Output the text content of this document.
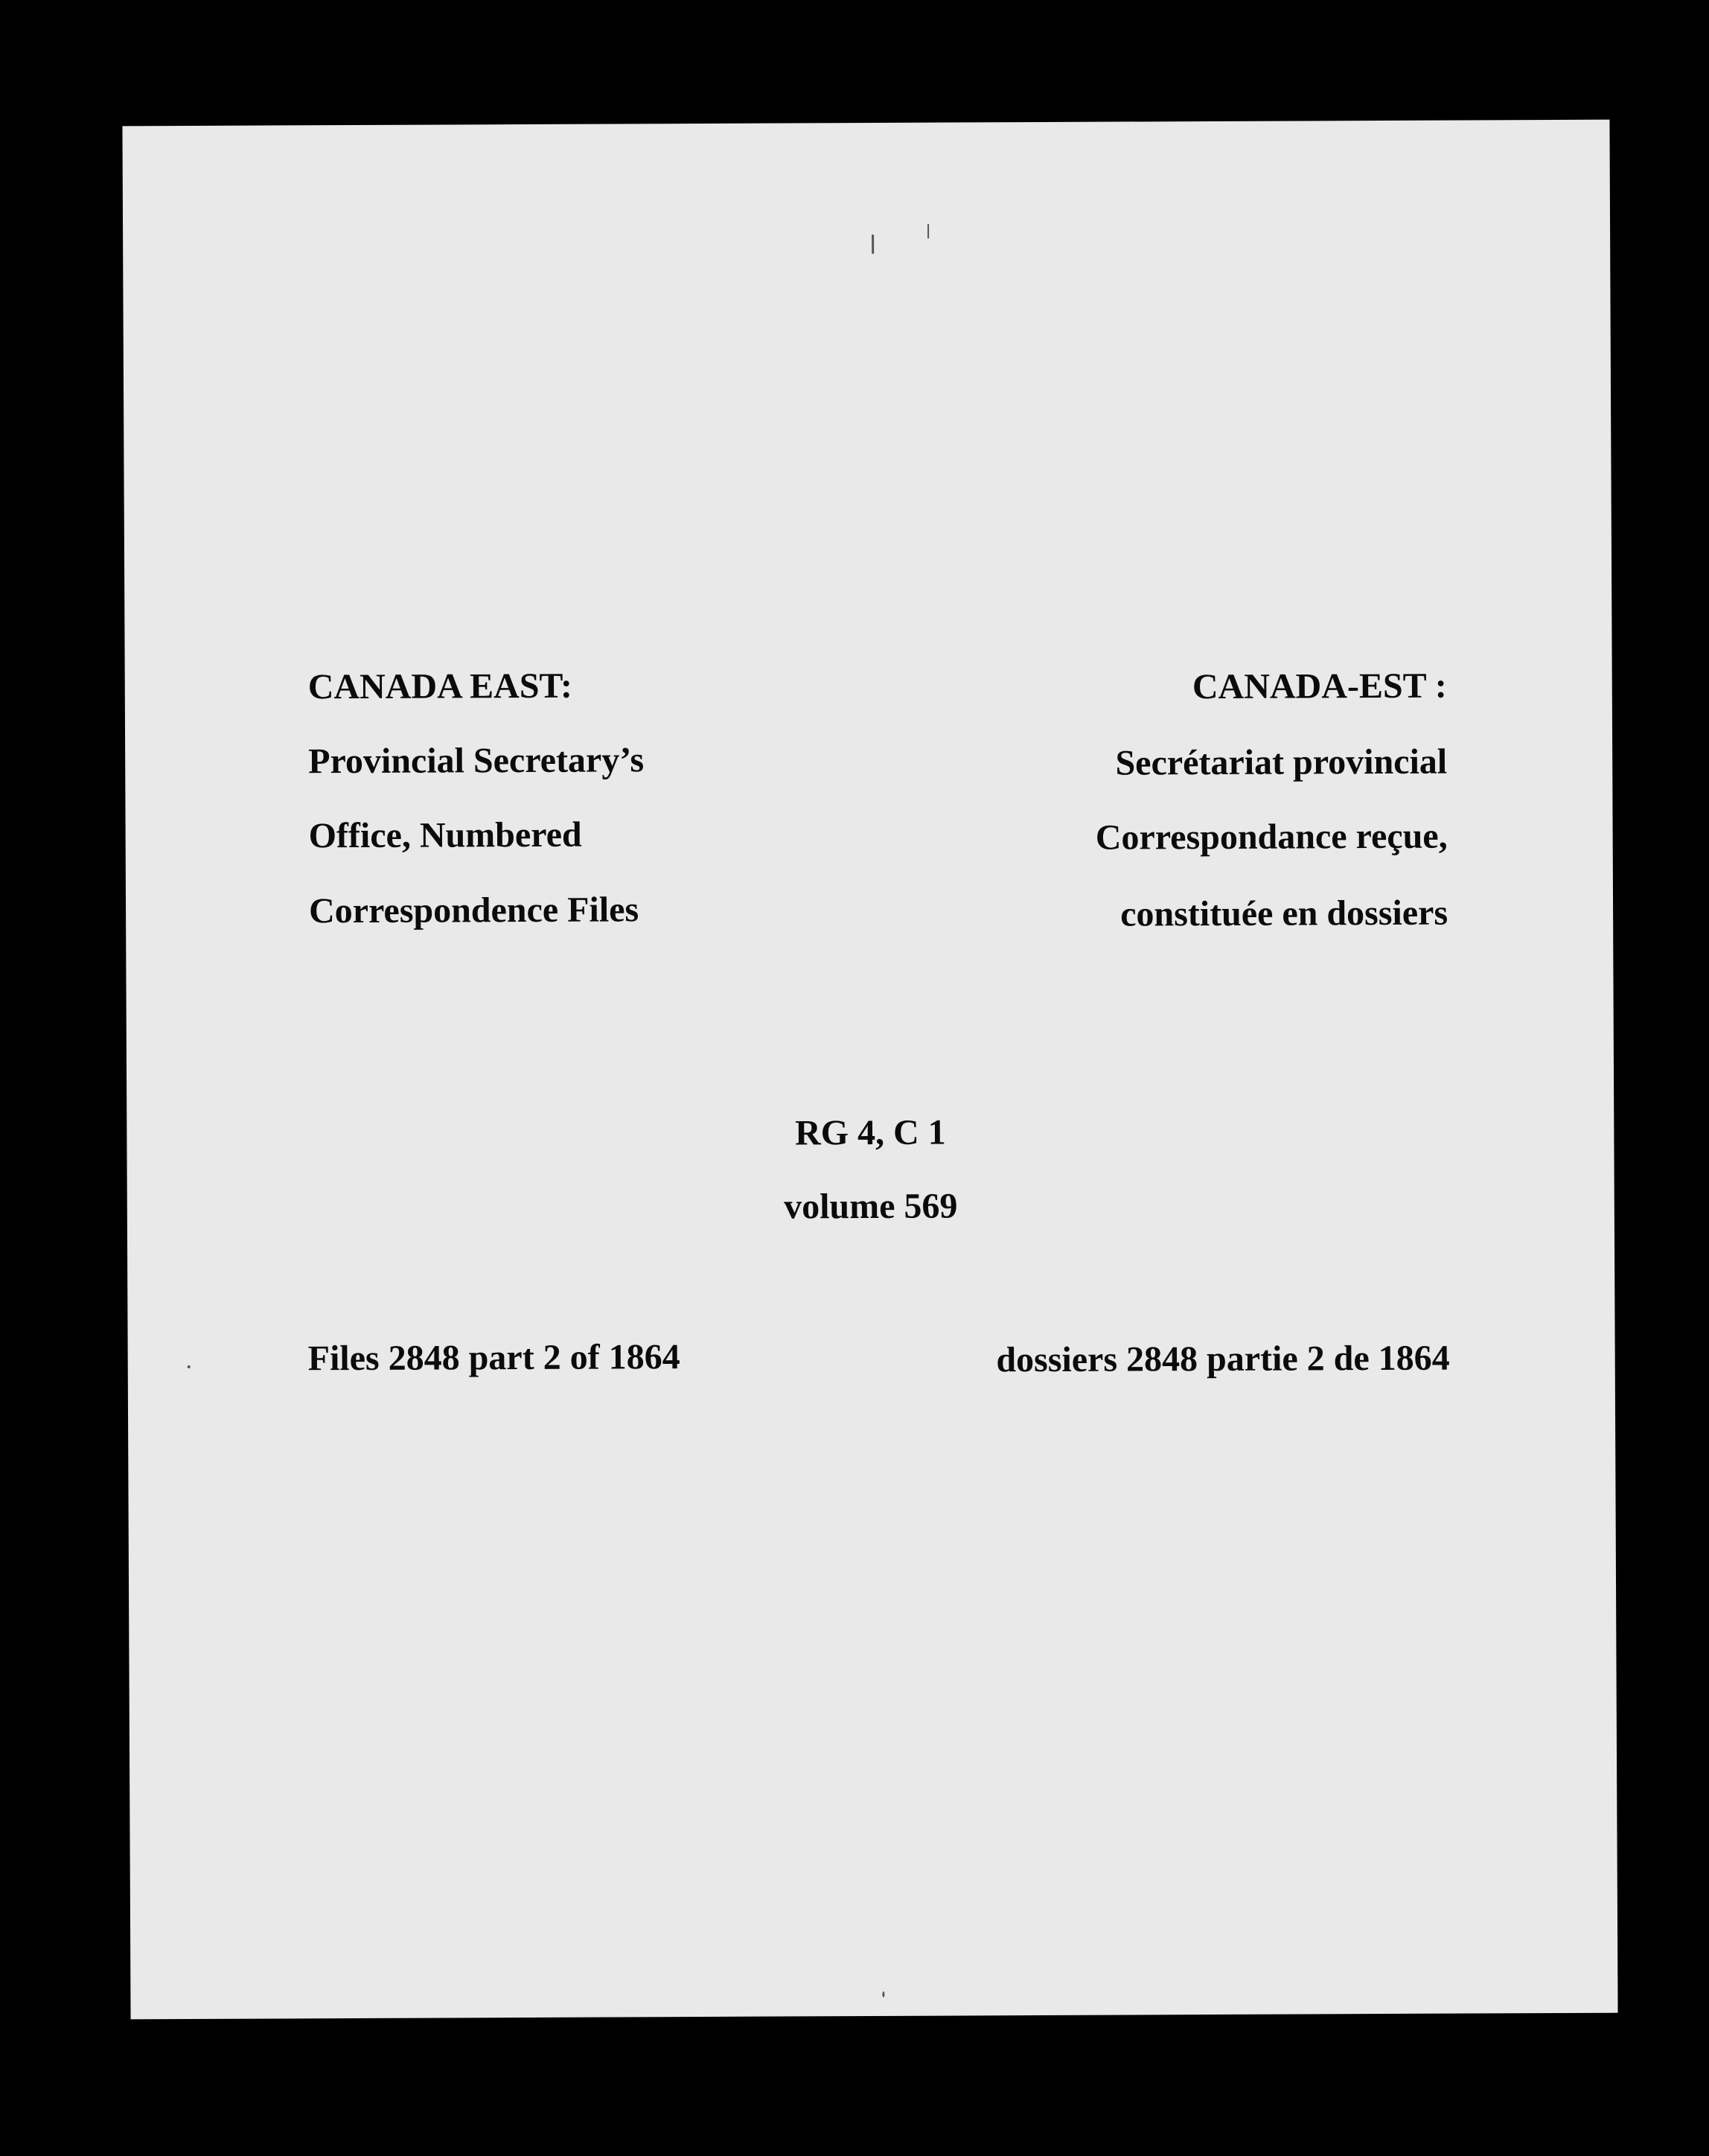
CANADA EAST:
Provincial Secretary’s
Office, Numbered
Correspondence Files
CANADA-EST :
Secrétariat provincial
Correspondance reçue,
constituée en dossiers
RG 4, C 1
volume 569
Files 2848 part 2 of 1864	dossiers 2848 partie 2 de 1864
